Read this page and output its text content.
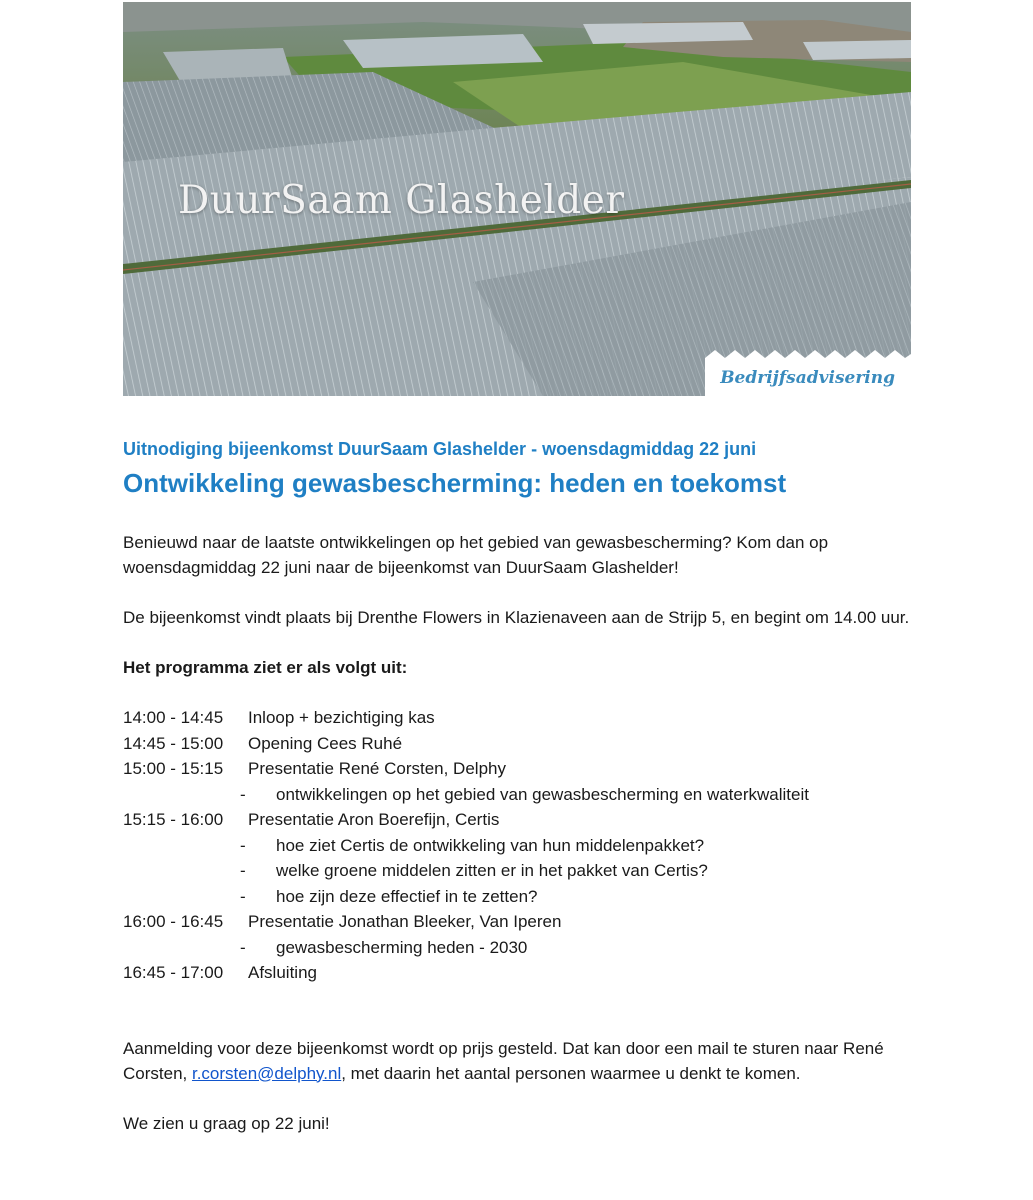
DuurSaam Glashelder
Bedrijfsadvisering
Uitnodiging bijeenkomst DuurSaam Glashelder - woensdagmiddag 22 juni
Ontwikkeling gewasbescherming: heden en toekomst

Benieuwd naar de laatste ontwikkelingen op het gebied van gewasbescherming? Kom dan op woensdagmiddag 22 juni naar de bijeenkomst van DuurSaam Glashelder!

De bijeenkomst vindt plaats bij Drenthe Flowers in Klazienaveen aan de Strijp 5, en begint om 14.00 uur.

Het programma ziet er als volgt uit:

14:00 - 14:45 Inloop + bezichtiging kas
14:45 - 15:00 Opening Cees Ruhé
15:00 - 15:15 Presentatie René Corsten, Delphy
- ontwikkelingen op het gebied van gewasbescherming en waterkwaliteit
15:15 - 16:00 Presentatie Aron Boerefijn, Certis
- hoe ziet Certis de ontwikkeling van hun middelenpakket?
- welke groene middelen zitten er in het pakket van Certis?
- hoe zijn deze effectief in te zetten?
16:00 - 16:45 Presentatie Jonathan Bleeker, Van Iperen
- gewasbescherming heden - 2030
16:45 - 17:00 Afsluiting

Aanmelding voor deze bijeenkomst wordt op prijs gesteld. Dat kan door een mail te sturen naar René Corsten, r.corsten@delphy.nl, met daarin het aantal personen waarmee u denkt te komen.

We zien u graag op 22 juni!
